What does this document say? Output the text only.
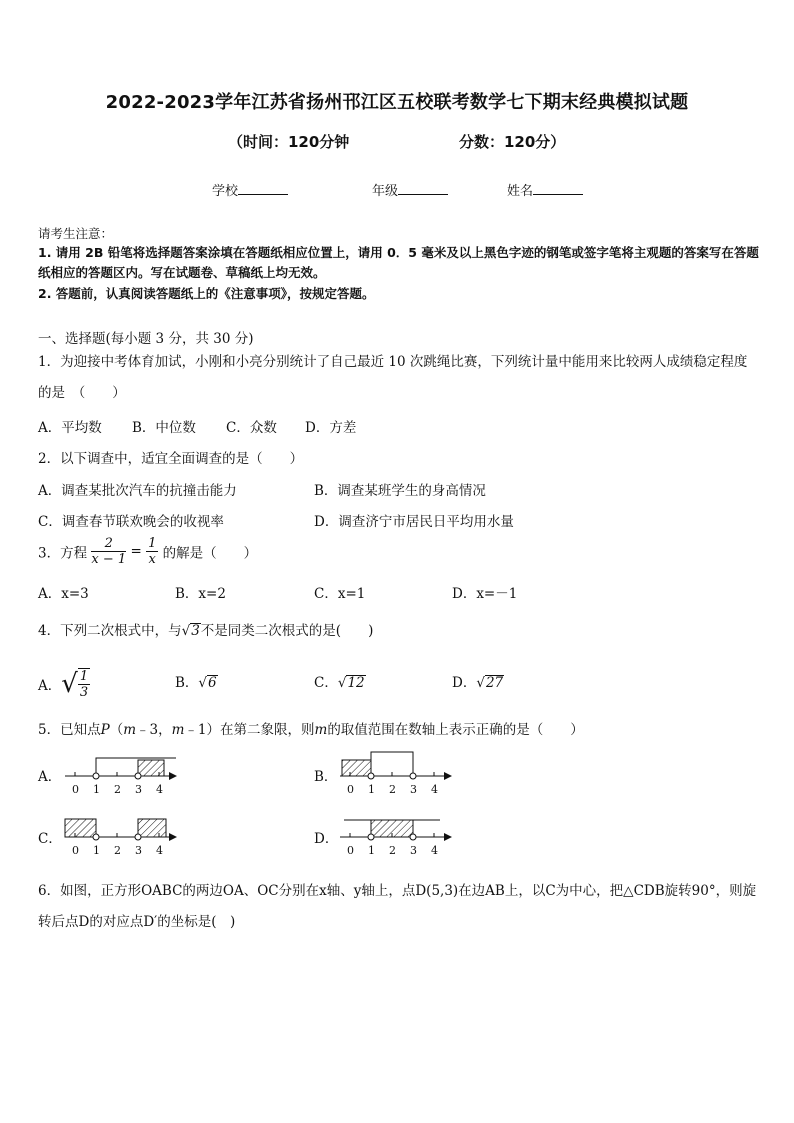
2022-2023学年江苏省扬州邗江区五校联考数学七下期末经典模拟试题
（时间：120分钟	分数：120分）
学校	年级	姓名
请考生注意：
1. 请用 2B 铅笔将选择题答案涂填在答题纸相应位置上，请用 0．5 毫米及以上黑色字迹的钢笔或签字笔将主观题的答案写在答题纸相应的答题区内。写在试题卷、草稿纸上均无效。
2. 答题前，认真阅读答题纸上的《注意事项》，按规定答题。
一、选择题(每小题 3 分，共 30 分)
1．为迎接中考体育加试，小刚和小亮分别统计了自己最近 10 次跳绳比赛，下列统计量中能用来比较两人成绩稳定程度的是　（　　）
A．平均数 B．中位数 C．众数 D．方差
2．以下调查中，适宜全面调查的是（　　）
A．调查某批次汽车的抗撞击能力	B．调查某班学生的身高情况
C．调查春节联欢晚会的收视率	D．调查济宁市居民日平均用水量
3．方程 $\frac{2}{x - 1} = \frac{1}{x}$ 的解是（　　）
A．x=3	B．x=2	C．x=1	D．x=－1
4．下列二次根式中，与√3不是同类二次根式的是(　　)
A．√ $\frac{1}{3}$	B．√6	C．√12	D．√27
5．已知点P（m﹣3，m﹣1）在第二象限，则m的取值范围在数轴上表示正确的是（　　）
0 1 2 3 4	0 1 2 3 4
0 1 2 3 4	0 1 2 3 4
A．	B．
C．	D．
6．如图，正方形OABC的两边OA、OC分别在x轴、y轴上，点D(5,3)在边AB上，以C为中心，把△CDB旋转90°，则旋转后点D的对应点D′的坐标是(　)
